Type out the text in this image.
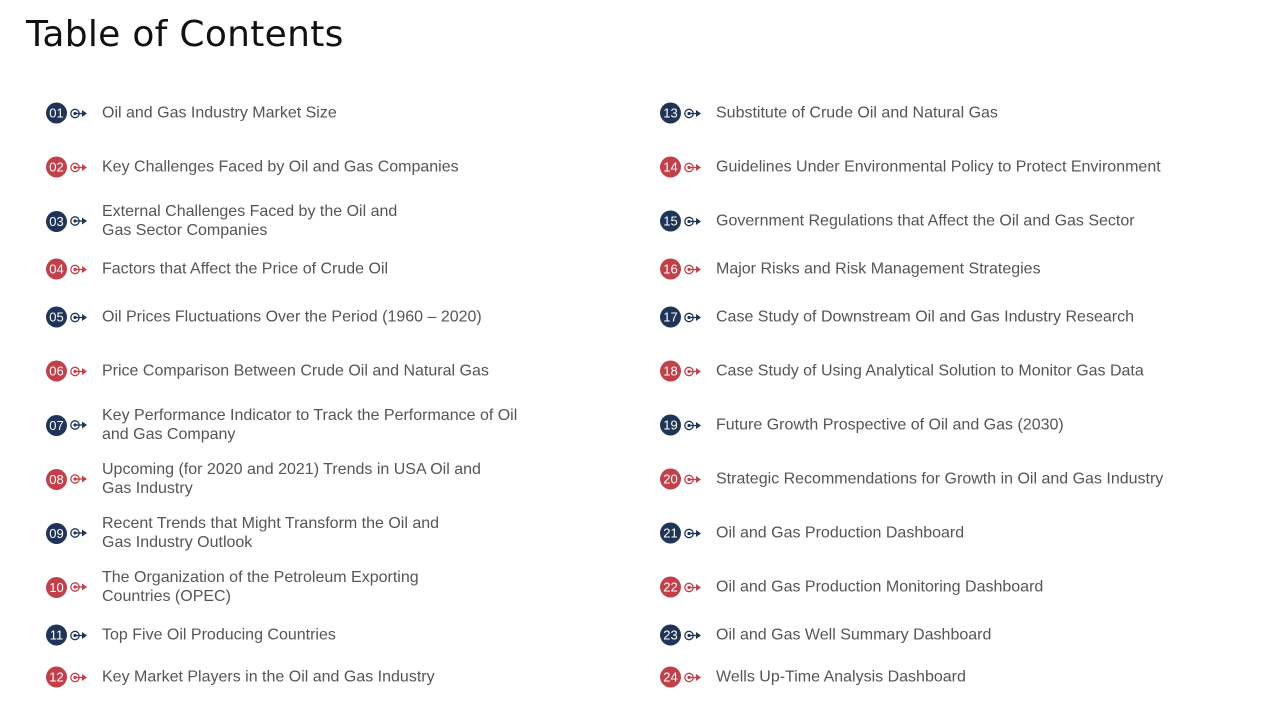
Table of Contents
01 Oil and Gas Industry Market Size
02 Key Challenges Faced by Oil and Gas Companies
03
External Challenges Faced by the Oil and
Gas Sector Companies
04 Factors that Affect the Price of Crude Oil
05 Oil Prices Fluctuations Over the Period (1960 – 2020)
06 Price Comparison Between Crude Oil and Natural Gas
07
Key Performance Indicator to Track the Performance of Oil
and Gas Company
08
Upcoming (for 2020 and 2021) Trends in USA Oil and
Gas Industry
09
Recent Trends that Might Transform the Oil and
Gas Industry Outlook
10
The Organization of the Petroleum Exporting
Countries (OPEC)
11 Top Five Oil Producing Countries
12 Key Market Players in the Oil and Gas Industry
13 Substitute of Crude Oil and Natural Gas
14 Guidelines Under Environmental Policy to Protect Environment
15 Government Regulations that Affect the Oil and Gas Sector
16 Major Risks and Risk Management Strategies
17 Case Study of Downstream Oil and Gas Industry Research
18 Case Study of Using Analytical Solution to Monitor Gas Data
19 Future Growth Prospective of Oil and Gas (2030)
20 Strategic Recommendations for Growth in Oil and Gas Industry
21 Oil and Gas Production Dashboard
22 Oil and Gas Production Monitoring Dashboard
23 Oil and Gas Well Summary Dashboard
24 Wells Up-Time Analysis Dashboard
